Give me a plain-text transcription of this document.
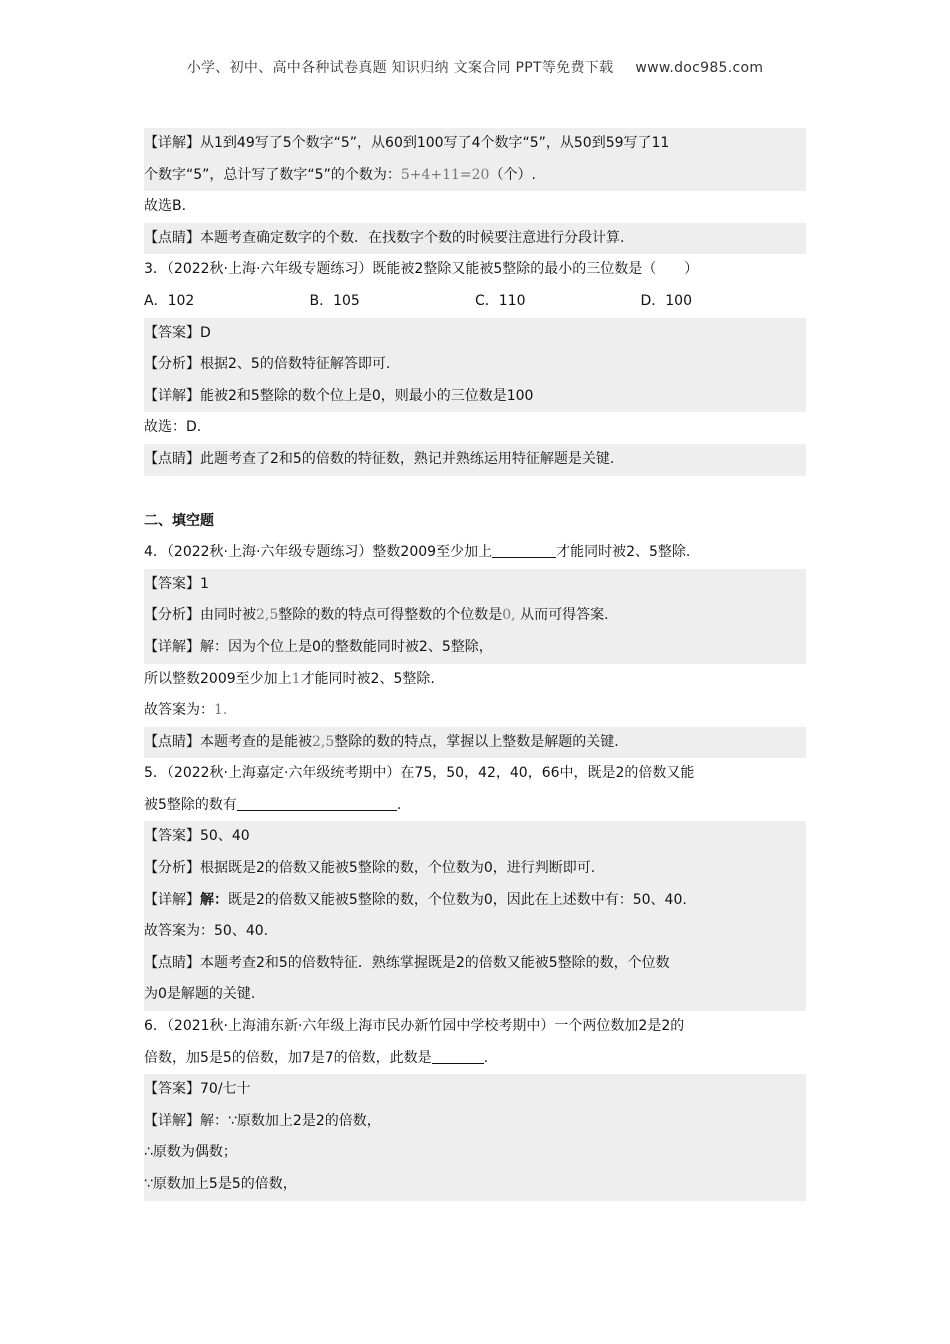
小学、初中、高中各种试卷真题 知识归纳 文案合同 PPT等免费下载 www.doc985.com
【详解】从1到49写了5个数字“5”，从60到100写了4个数字“5”，从50到59写了11
个数字“5”，总计写了数字“5”的个数为：5+4+11=20（个）.
故选B.
【点睛】本题考查确定数字的个数．在找数字个数的时候要注意进行分段计算.
3．（2022秋·上海·六年级专题练习）既能被2整除又能被5整除的最小的三位数是（　　）
A．102	B．105	C．110	D．100
【答案】D
【分析】根据2、5的倍数特征解答即可.
【详解】能被2和5整除的数个位上是0，则最小的三位数是100
故选：D.
【点睛】此题考查了2和5的倍数的特征数，熟记并熟练运用特征解题是关键.
二、填空题
4．（2022秋·上海·六年级专题练习）整数2009至少加上	才能同时被2、5整除.
【答案】1
【分析】由同时被2,5整除的数的特点可得整数的个位数是0, 从而可得答案.
【详解】解：因为个位上是0的整数能同时被2、5整除，
所以整数2009至少加上1才能同时被2、5整除.
故答案为：1.
【点睛】本题考查的是能被2,5整除的数的特点，掌握以上整数是解题的关键.
5．（2022秋·上海嘉定·六年级统考期中）在75，50，42，40，66中，既是2的倍数又能
被5整除的数有	.
【答案】50、40
【分析】根据既是2的倍数又能被5整除的数，个位数为0，进行判断即可.
【详解】解：既是2的倍数又能被5整除的数，个位数为0，因此在上述数中有：50、40.
故答案为：50、40.
【点睛】本题考查2和5的倍数特征．熟练掌握既是2的倍数又能被5整除的数，个位数
为0是解题的关键.
6．（2021秋·上海浦东新·六年级上海市民办新竹园中学校考期中）一个两位数加2是2的
倍数，加5是5的倍数，加7是7的倍数，此数是	.
【答案】70/七十
【详解】解：∵原数加上2是2的倍数，
∴原数为偶数；
∵原数加上5是5的倍数，
